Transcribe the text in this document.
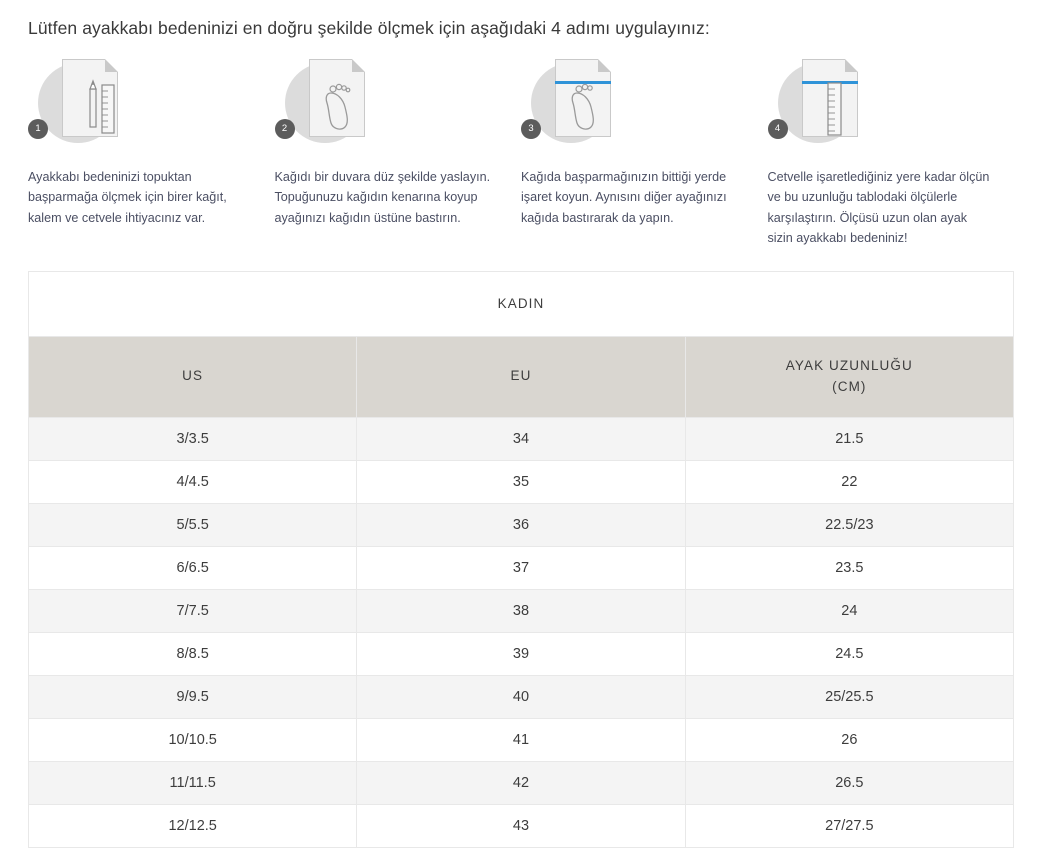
Lütfen ayakkabı bedeninizi en doğru şekilde ölçmek için aşağıdaki 4 adımı uygulayınız:
1
Ayakkabı bedeninizi topuktan başparmağa ölçmek için birer kağıt, kalem ve cetvele ihtiyacınız var.
2
Kağıdı bir duvara düz şekilde yaslayın. Topuğunuzu kağıdın kenarına koyup ayağınızı kağıdın üstüne bastırın.
3
Kağıda başparmağınızın bittiği yerde işaret koyun. Aynısını diğer ayağınızı kağıda bastırarak da yapın.
4
Cetvelle işaretlediğiniz yere kadar ölçün ve bu uzunluğu tablodaki ölçülerle karşılaştırın. Ölçüsü uzun olan ayak sizin ayakkabı bedeniniz!
KADIN		
US	EU	AYAK UZUNLUĞU
(CM)
3/3.5	34	21.5
4/4.5	35	22
5/5.5	36	22.5/23
6/6.5	37	23.5
7/7.5	38	24
8/8.5	39	24.5
9/9.5	40	25/25.5
10/10.5	41	26
11/11.5	42	26.5
12/12.5	43	27/27.5
